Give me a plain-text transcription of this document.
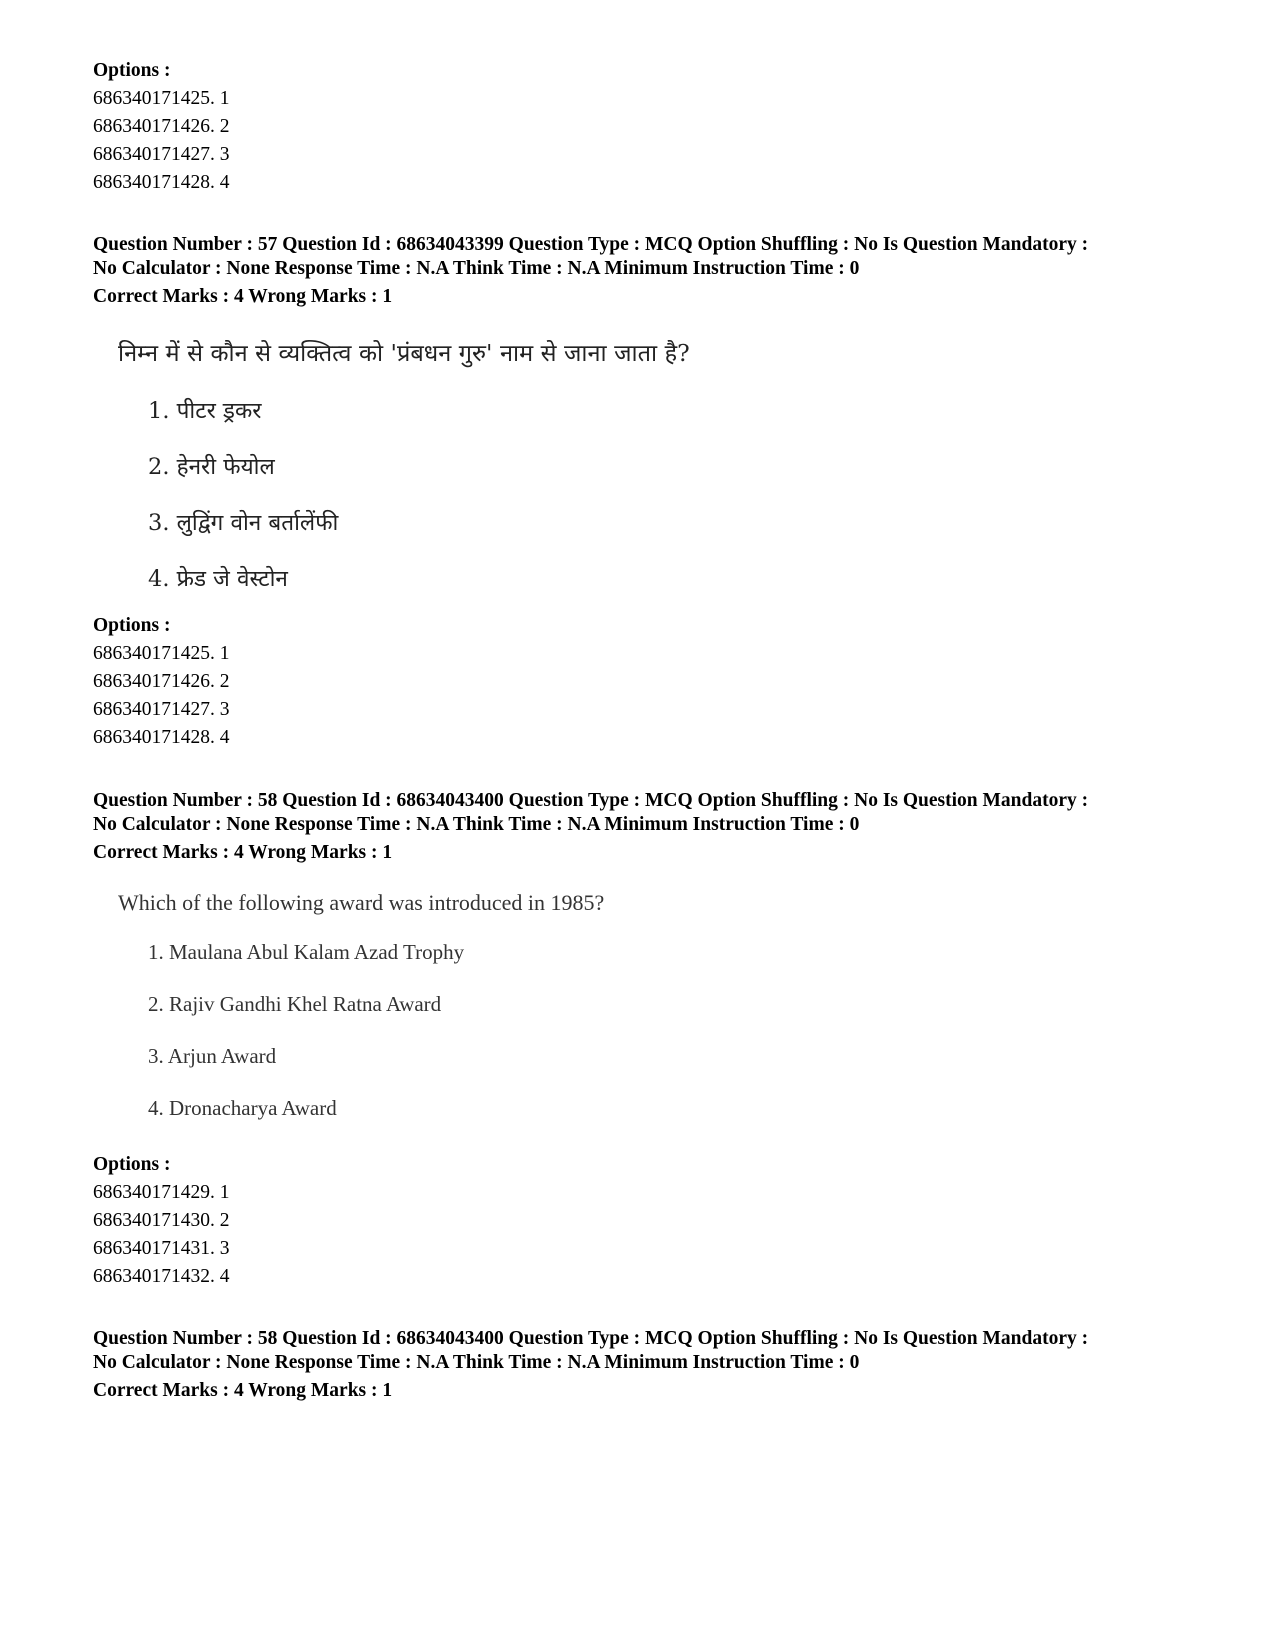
Options :
686340171425. 1
686340171426. 2
686340171427. 3
686340171428. 4
Question Number : 57 Question Id : 68634043399 Question Type : MCQ Option Shuffling : No Is Question Mandatory :
No Calculator : None Response Time : N.A Think Time : N.A Minimum Instruction Time : 0
Correct Marks : 4 Wrong Marks : 1
निम्न में से कौन से व्यक्तित्व को 'प्रंबधन गुरु' नाम से जाना जाता है?
1. पीटर ड्रकर
2. हेनरी फेयोल
3. लुद्विंग वोन बर्तालेंफी
4. फ्रेड जे वेस्टोन
Options :
686340171425. 1
686340171426. 2
686340171427. 3
686340171428. 4
Question Number : 58 Question Id : 68634043400 Question Type : MCQ Option Shuffling : No Is Question Mandatory :
No Calculator : None Response Time : N.A Think Time : N.A Minimum Instruction Time : 0
Correct Marks : 4 Wrong Marks : 1
Which of the following award was introduced in 1985?
1. Maulana Abul Kalam Azad Trophy
2. Rajiv Gandhi Khel Ratna Award
3. Arjun Award
4. Dronacharya Award
Options :
686340171429. 1
686340171430. 2
686340171431. 3
686340171432. 4
Question Number : 58 Question Id : 68634043400 Question Type : MCQ Option Shuffling : No Is Question Mandatory :
No Calculator : None Response Time : N.A Think Time : N.A Minimum Instruction Time : 0
Correct Marks : 4 Wrong Marks : 1
